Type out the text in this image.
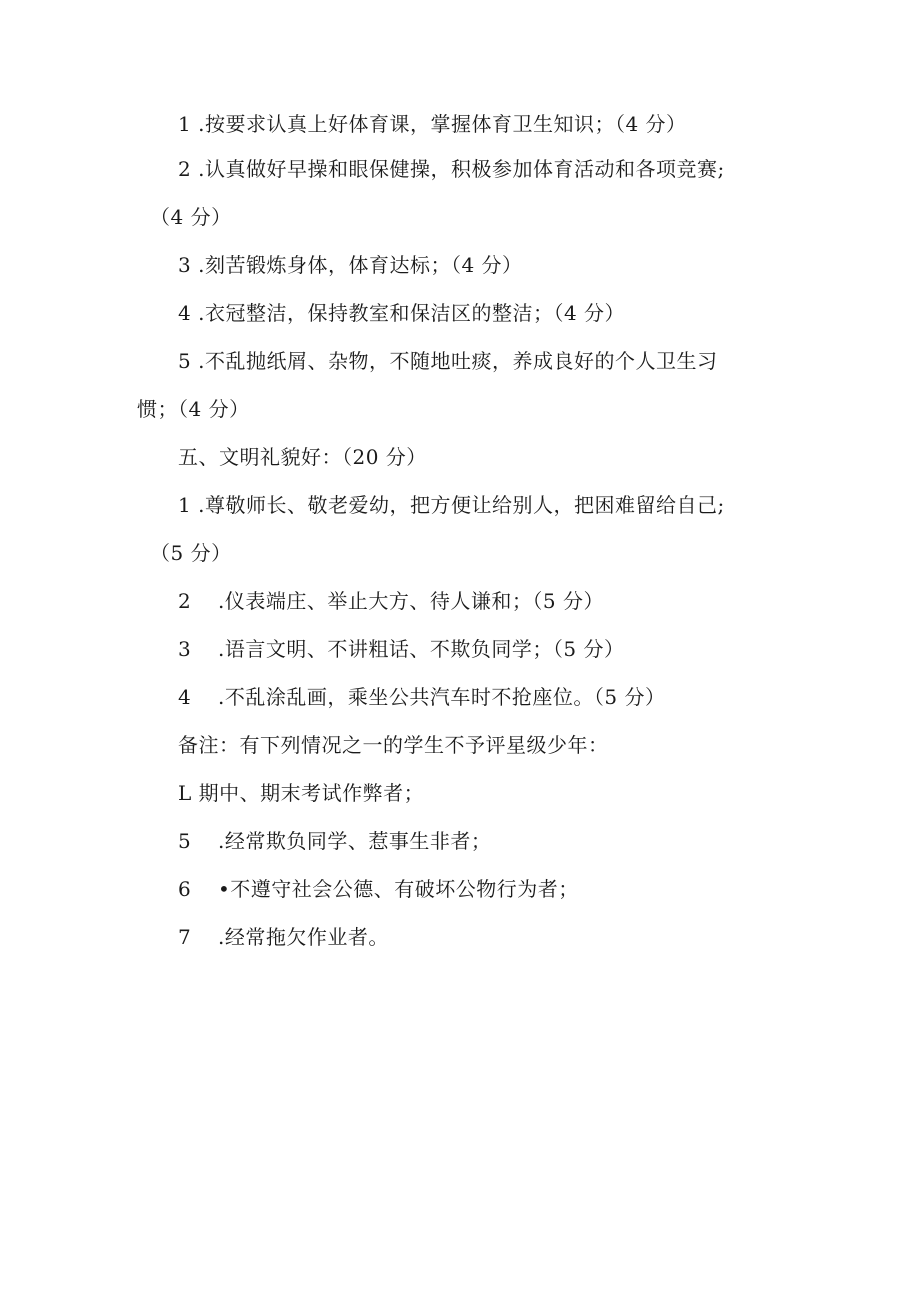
1 .按要求认真上好体育课，掌握体育卫生知识；（4 分）
2 .认真做好早操和眼保健操，积极参加体育活动和各项竞赛;
（4 分）
3 .刻苦锻炼身体，体育达标；（4 分）
4 .衣冠整洁，保持教室和保洁区的整洁；（4 分）
5 .不乱抛纸屑、杂物，不随地吐痰，养成良好的个人卫生习
惯；（4 分）
五、文明礼貌好：（20 分）
1 .尊敬师长、敬老爱幼，把方便让给别人，把困难留给自己;
（5 分）
2 .仪表端庄、举止大方、待人谦和；（5 分）
3 .语言文明、不讲粗话、不欺负同学；（5 分）
4 .不乱涂乱画，乘坐公共汽车时不抢座位。（5 分）
备注：有下列情况之一的学生不予评星级少年：
L 期中、期末考试作弊者；
5 .经常欺负同学、惹事生非者；
6 •不遵守社会公德、有破坏公物行为者；
7 .经常拖欠作业者。
